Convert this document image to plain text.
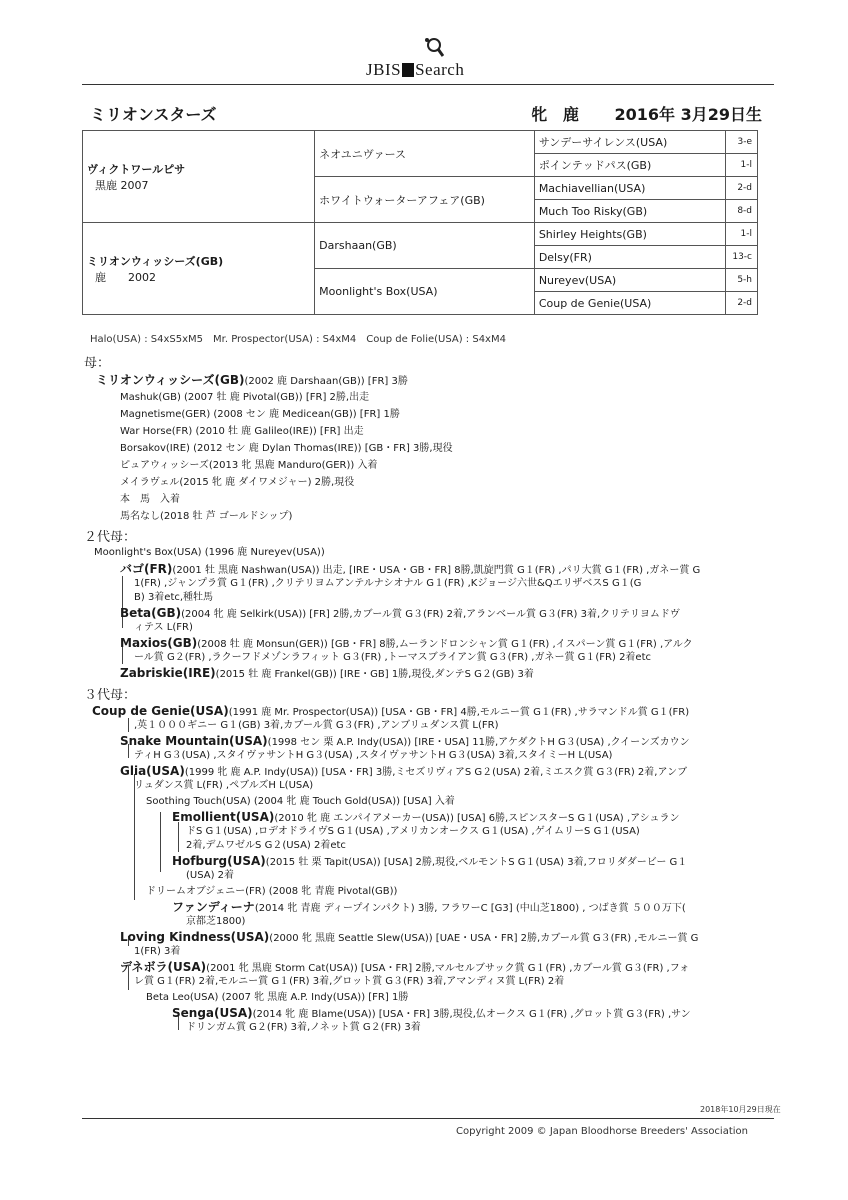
JBIS Search
ミリオンスターズ	牝 鹿 2016年 3月29日生
ヴィクトワールピサ
黒鹿 2007	ネオユニヴァース	サンデーサイレンス(USA)	3-e
		ポインテッドパス(GB)	1-l
	ホワイトウォーターアフェア(GB)	Machiavellian(USA)	2-d
		Much Too Risky(GB)	8-d

ミリオンウィッシーズ(GB)
鹿　　2002	Darshaan(GB)	Shirley Heights(GB)	1-l
		Delsy(FR)	13-c
	Moonlight's Box(USA)	Nureyev(USA)	5-h
		Coup de Genie(USA)	2-d
Halo(USA) : S4xS5xM5　Mr. Prospector(USA) : S4xM4　Coup de Folie(USA) : S4xM4
母：
２代母：
３代母：
ミリオンウィッシーズ(GB)(2002 鹿 Darshaan(GB)) [FR] 3勝
Mashuk(GB) (2007 牡 鹿 Pivotal(GB)) [FR] 2勝,出走
Magnetisme(GER) (2008 セン 鹿 Medicean(GB)) [FR] 1勝
War Horse(FR) (2010 牡 鹿 Galileo(IRE)) [FR] 出走
Borsakov(IRE) (2012 セン 鹿 Dylan Thomas(IRE)) [GB・FR] 3勝,現役
ピュアウィッシーズ(2013 牝 黒鹿 Manduro(GER)) 入着
メイラヴェル(2015 牝 鹿 ダイワメジャー) 2勝,現役
本　馬　入着
馬名なし(2018 牡 芦 ゴールドシップ)
Moonlight's Box(USA) (1996 鹿 Nureyev(USA))
バゴ(FR)(2001 牡 黒鹿 Nashwan(USA)) 出走, [IRE・USA・GB・FR] 8勝,凱旋門賞 G１(FR) ,パリ大賞 G１(FR) ,ガネー賞 G
1(FR) ,ジャンプラ賞 G１(FR) ,クリテリヨムアンテルナシオナル G１(FR) ,Kジョージ六世&QエリザベスS G１(G
B) 3着etc,種牡馬
Beta(GB)(2004 牝 鹿 Selkirk(USA)) [FR] 2勝,カブール賞 G３(FR) 2着,アランベール賞 G３(FR) 3着,クリテリヨムドヴ
ィテス L(FR)
Maxios(GB)(2008 牡 鹿 Monsun(GER)) [GB・FR] 8勝,ムーランドロンシャン賞 G１(FR) ,イスパーン賞 G１(FR) ,アルク
ール賞 G２(FR) ,ラクーフドメゾンラフィット G３(FR) ,トーマスブライアン賞 G３(FR) ,ガネー賞 G１(FR) 2着etc
Zabriskie(IRE)(2015 牡 鹿 Frankel(GB)) [IRE・GB] 1勝,現役,ダンテS G２(GB) 3着
Coup de Genie(USA)(1991 鹿 Mr. Prospector(USA)) [USA・GB・FR] 4勝,モルニー賞 G１(FR) ,サラマンドル賞 G１(FR)
,英１０００ギニー G１(GB) 3着,カブール賞 G３(FR) ,アンブリュダンス賞 L(FR)
Snake Mountain(USA)(1998 セン 栗 A.P. Indy(USA)) [IRE・USA] 11勝,アケダクトH G３(USA) ,クイーンズカウン
ティH G３(USA) ,スタイヴァサントH G３(USA) ,スタイヴァサントH G３(USA) 3着,スタイミーH L(USA)
Glia(USA)(1999 牝 鹿 A.P. Indy(USA)) [USA・FR] 3勝,ミセズリヴィアS G２(USA) 2着,ミエスク賞 G３(FR) 2着,アンブ
リュダンス賞 L(FR) ,ペブルズH L(USA)
Soothing Touch(USA) (2004 牝 鹿 Touch Gold(USA)) [USA] 入着
Emollient(USA)(2010 牝 鹿 エンパイアメーカー(USA)) [USA] 6勝,スピンスターS G１(USA) ,アシュラン
ドS G１(USA) ,ロデオドライヴS G１(USA) ,アメリカンオークス G１(USA) ,ゲイムリーS G１(USA)
2着,デムワゼルS G２(USA) 2着etc
Hofburg(USA)(2015 牡 栗 Tapit(USA)) [USA] 2勝,現役,ベルモントS G１(USA) 3着,フロリダダービー G１
(USA) 2着
ドリームオブジェニー(FR) (2008 牝 青鹿 Pivotal(GB))
ファンディーナ(2014 牝 青鹿 ディープインパクト) 3勝, フラワーC [G3] (中山芝1800) , つばき賞 ５００万下(
京都芝1800)
Loving Kindness(USA)(2000 牝 黒鹿 Seattle Slew(USA)) [UAE・USA・FR] 2勝,カブール賞 G３(FR) ,モルニー賞 G
1(FR) 3着
デネボラ(USA)(2001 牝 黒鹿 Storm Cat(USA)) [USA・FR] 2勝,マルセルブサック賞 G１(FR) ,カブール賞 G３(FR) ,フォ
レ賞 G１(FR) 2着,モルニー賞 G１(FR) 3着,グロット賞 G３(FR) 3着,アマンディヌ賞 L(FR) 2着
Beta Leo(USA) (2007 牝 黒鹿 A.P. Indy(USA)) [FR] 1勝
Senga(USA)(2014 牝 鹿 Blame(USA)) [USA・FR] 3勝,現役,仏オークス G１(FR) ,グロット賞 G３(FR) ,サン
ドリンガム賞 G２(FR) 3着,ノネット賞 G２(FR) 3着
2018年10月29日現在
Copyright 2009 © Japan Bloodhorse Breeders' Association
